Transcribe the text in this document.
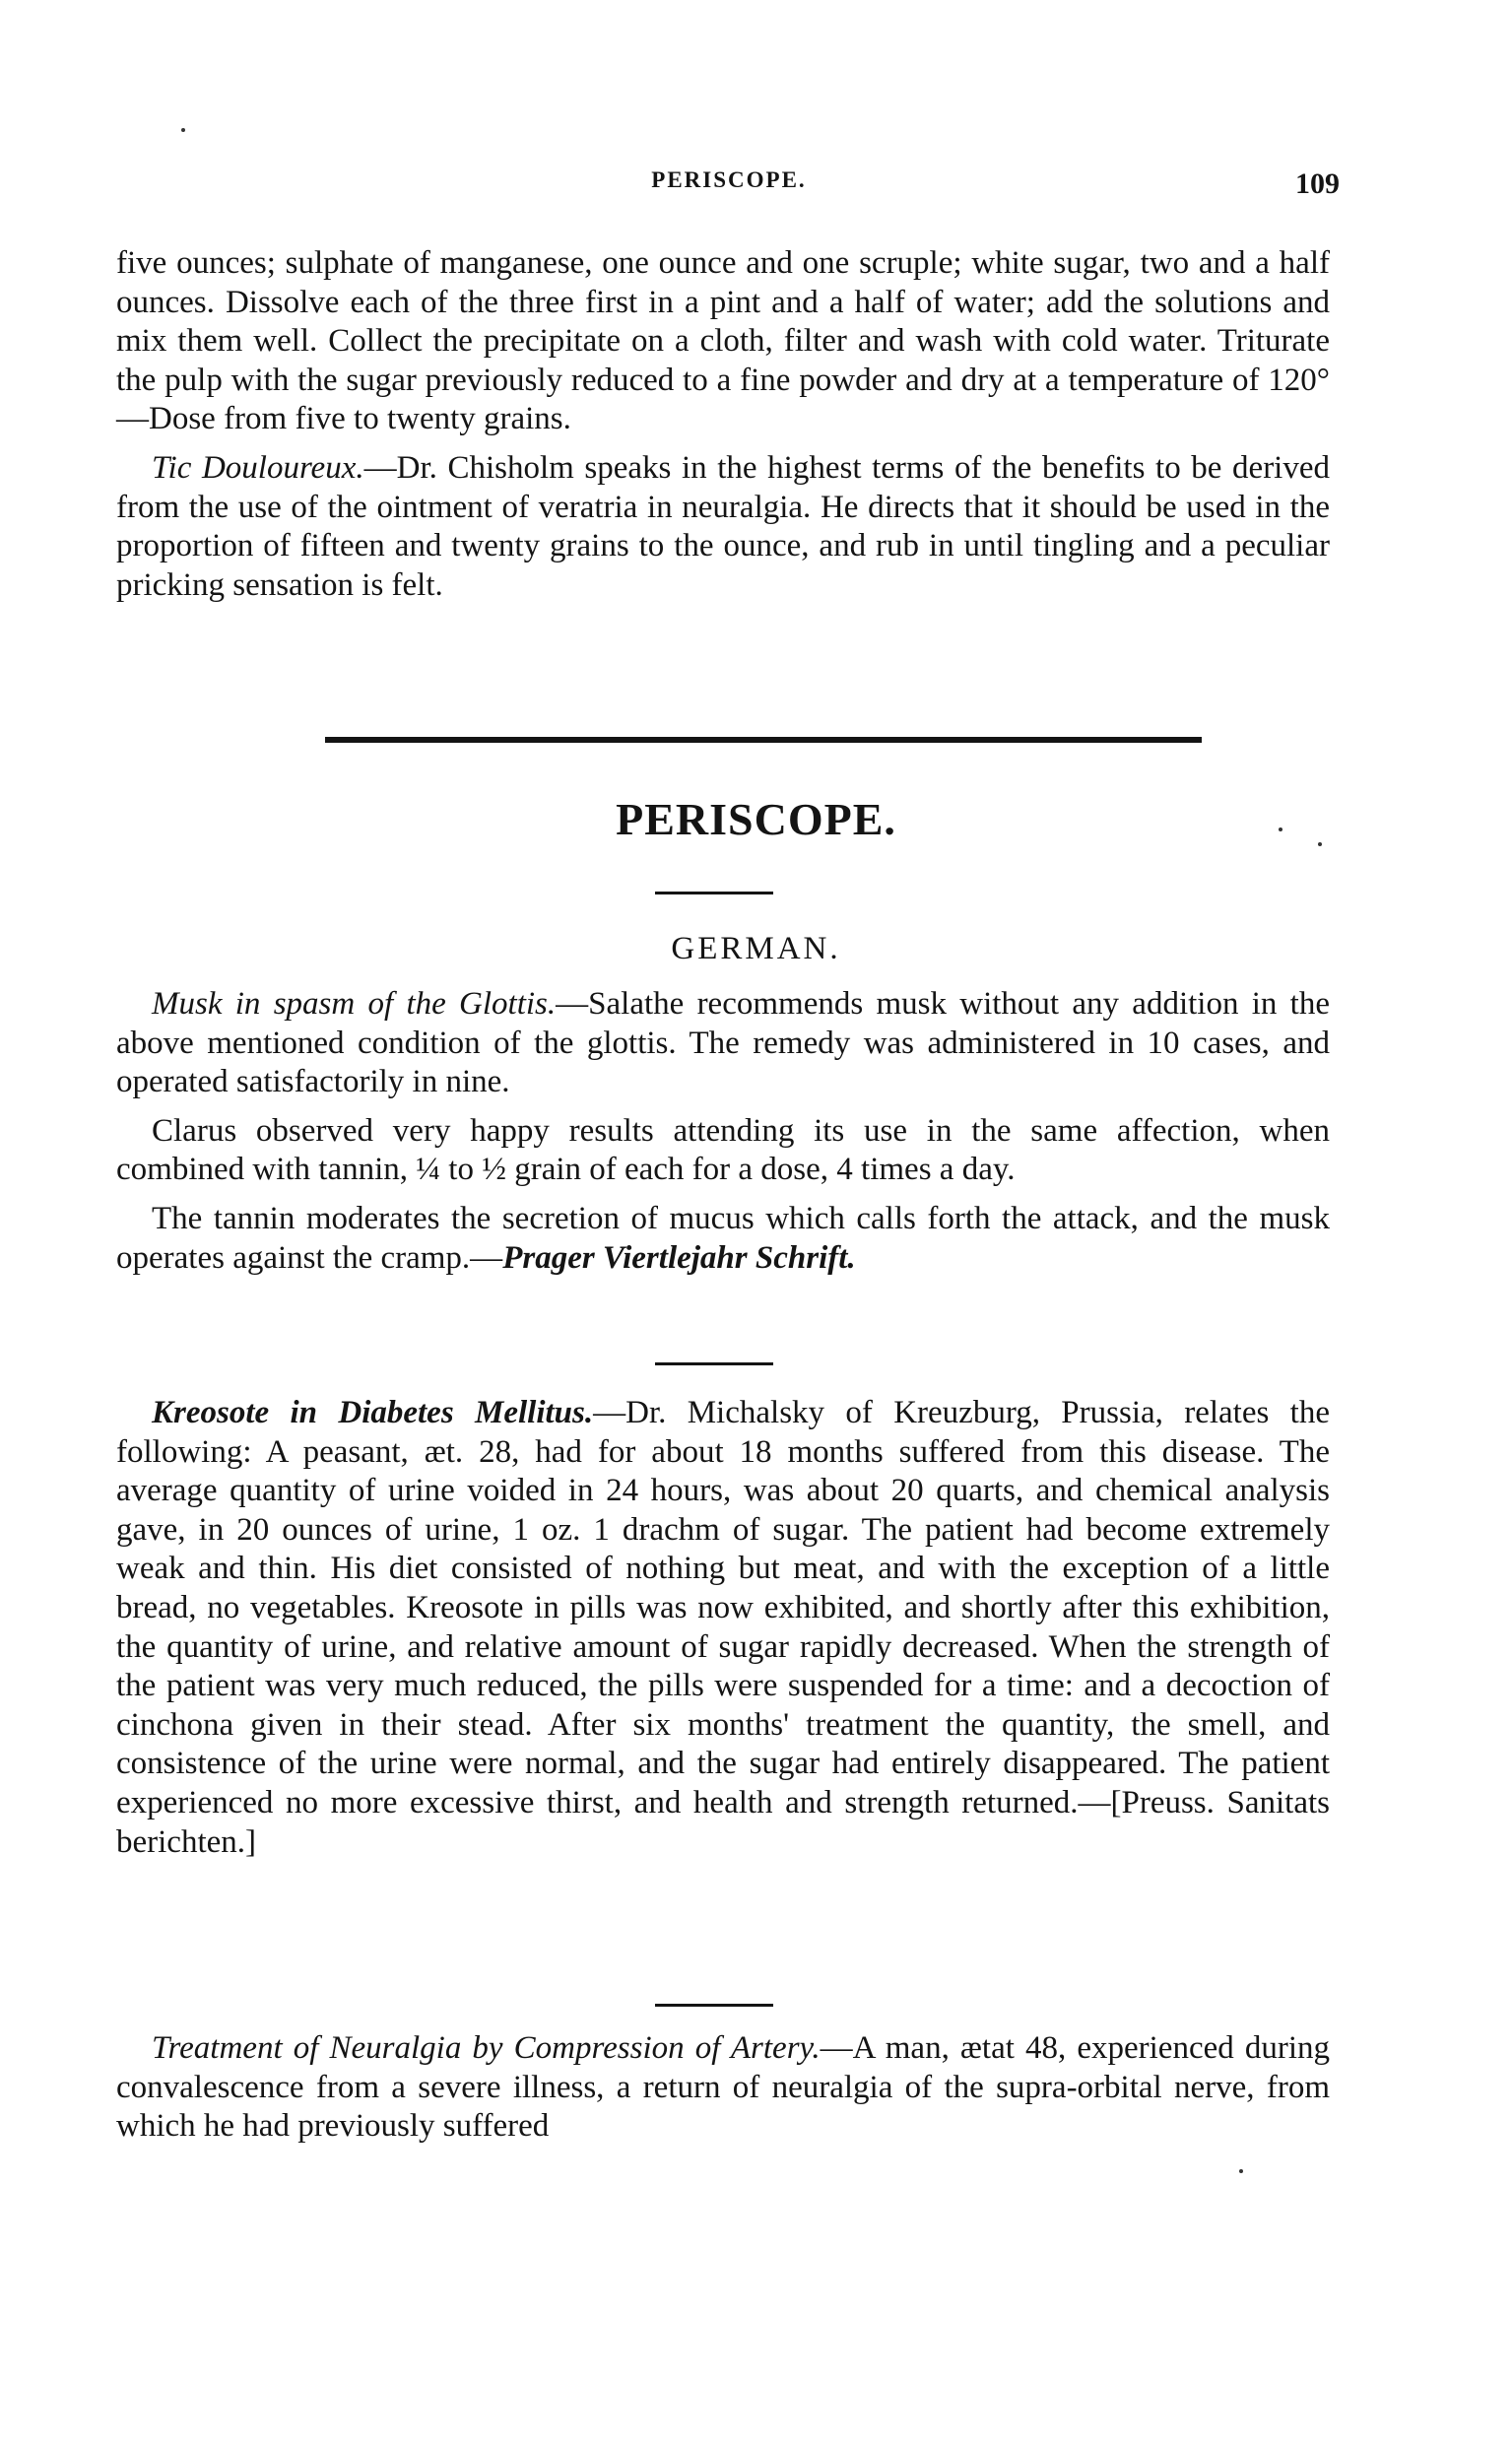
PERISCOPE.	109

five ounces; sulphate of manganese, one ounce and one scruple; white sugar, two and a half ounces. Dissolve each of the three first in a pint and a half of water; add the solutions and mix them well. Collect the precipitate on a cloth, filter and wash with cold water. Triturate the pulp with the sugar previously reduced to a fine powder and dry at a temperature of 120°—Dose from five to twenty grains.

Tic Douloureux.—Dr. Chisholm speaks in the highest terms of the benefits to be derived from the use of the ointment of veratria in neuralgia. He directs that it should be used in the proportion of fifteen and twenty grains to the ounce, and rub in until tingling and a peculiar pricking sensation is felt.

PERISCOPE.
GERMAN.

Musk in spasm of the Glottis.—Salathe recommends musk without any addition in the above mentioned condition of the glottis. The remedy was administered in 10 cases, and operated satisfactorily in nine.

Clarus observed very happy results attending its use in the same affection, when combined with tannin, ¼ to ½ grain of each for a dose, 4 times a day.

The tannin moderates the secretion of mucus which calls forth the attack, and the musk operates against the cramp.—Prager Viertlejahr Schrift.

Kreosote in Diabetes Mellitus.—Dr. Michalsky of Kreuzburg, Prussia, relates the following: A peasant, æt. 28, had for about 18 months suffered from this disease. The average quantity of urine voided in 24 hours, was about 20 quarts, and chemical analysis gave, in 20 ounces of urine, 1 oz. 1 drachm of sugar. The patient had become extremely weak and thin. His diet consisted of nothing but meat, and with the exception of a little bread, no vegetables. Kreosote in pills was now exhibited, and shortly after this exhibition, the quantity of urine, and relative amount of sugar rapidly decreased. When the strength of the patient was very much reduced, the pills were suspended for a time: and a decoction of cinchona given in their stead. After six months' treatment the quantity, the smell, and consistence of the urine were normal, and the sugar had entirely disappeared. The patient experienced no more excessive thirst, and health and strength returned.—[Preuss. Sanitats berichten.]

Treatment of Neuralgia by Compression of Artery.—A man, ætat 48, experienced during convalescence from a severe illness, a return of neuralgia of the supra-orbital nerve, from which he had previously suffered
